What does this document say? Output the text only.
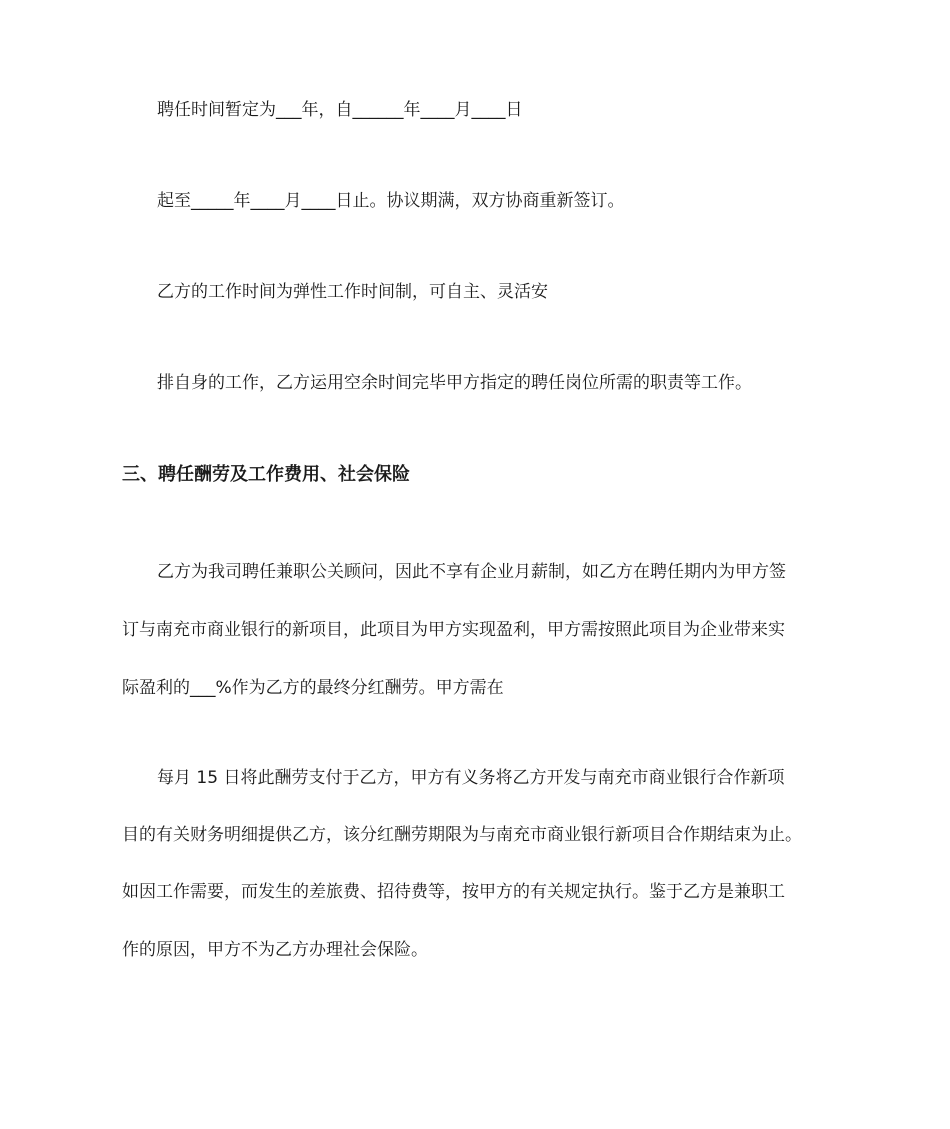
聘任时间暂定为___年，自______年____月____日

起至_____年____月____日止。协议期满，双方协商重新签订。

乙方的工作时间为弹性工作时间制，可自主、灵活安

排自身的工作，乙方运用空余时间完毕甲方指定的聘任岗位所需的职责等工作。

三、聘任酬劳及工作费用、社会保险

乙方为我司聘任兼职公关顾问，因此不享有企业月薪制，如乙方在聘任期内为甲方签

订与南充市商业银行的新项目，此项目为甲方实现盈利，甲方需按照此项目为企业带来实

际盈利的___%作为乙方的最终分红酬劳。甲方需在

每月 15 日将此酬劳支付于乙方，甲方有义务将乙方开发与南充市商业银行合作新项

目的有关财务明细提供乙方，该分红酬劳期限为与南充市商业银行新项目合作期结束为止。

如因工作需要，而发生的差旅费、招待费等，按甲方的有关规定执行。鉴于乙方是兼职工

作的原因，甲方不为乙方办理社会保险。
